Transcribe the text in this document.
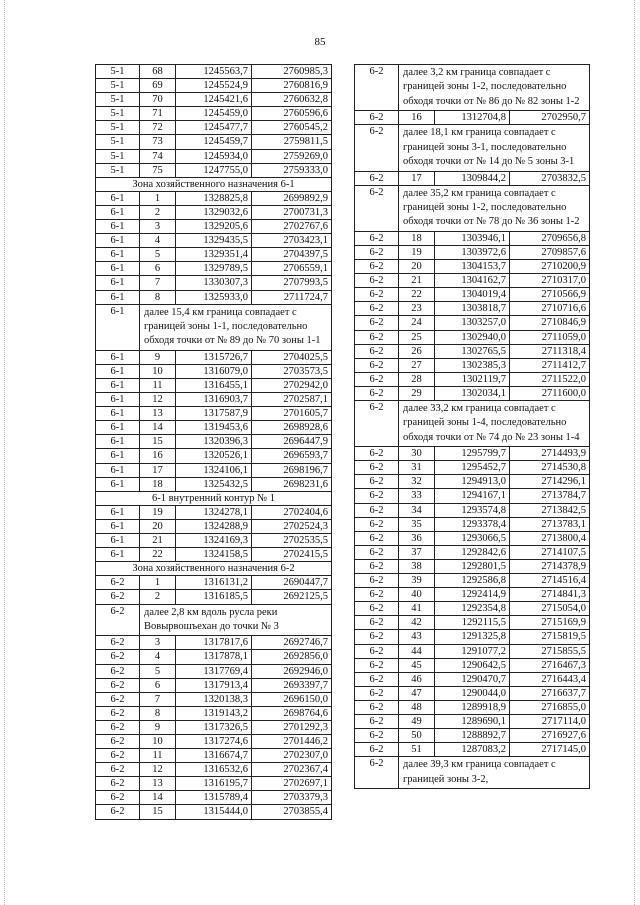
85
5-1	68	1245563,7	2760985,3
5-1	69	1245524,9	2760816,9
5-1	70	1245421,6	2760632,8
5-1	71	1245459,0	2760596,6
5-1	72	1245477,7	2760545,2
5-1	73	1245459,7	2759811,5
5-1	74	1245934,0	2759269,0
5-1	75	1247755,0	2759333,0
Зона хозяйственного назначения 6-1			
6-1	1	1328825,8	2699892,9
6-1	2	1329032,6	2700731,3
6-1	3	1329205,6	2702767,6
6-1	4	1329435,5	2703423,1
6-1	5	1329351,4	2704397,5
6-1	6	1329789,5	2706559,1
6-1	7	1330307,3	2707993,5
6-1	8	1325933,0	2711724,7
6-1	далее 15,4 км граница совпадает с границей зоны 1-1, последовательно обходя точки от № 89 до № 70 зоны 1-1		
6-1	9	1315726,7	2704025,5
6-1	10	1316079,0	2703573,5
6-1	11	1316455,1	2702942,0
6-1	12	1316903,7	2702587,1
6-1	13	1317587,9	2701605,7
6-1	14	1319453,6	2698928,6
6-1	15	1320396,3	2696447,9
6-1	16	1320526,1	2696593,7
6-1	17	1324106,1	2698196,7
6-1	18	1325432,5	2698231,6
6-1 внутренний контур № 1			
6-1	19	1324278,1	2702404,6
6-1	20	1324288,9	2702524,3
6-1	21	1324169,3	2702535,5
6-1	22	1324158,5	2702415,5
Зона хозяйственного назначения 6-2			
6-2	1	1316131,2	2690447,7
6-2	2	1316185,5	2692125,5
6-2	далее 2,8 км вдоль русла реки Вовырвошъехан до точки № 3		
6-2	3	1317817,6	2692746,7
6-2	4	1317878,1	2692856,0
6-2	5	1317769,4	2692946,0
6-2	6	1317913,4	2693397,7
6-2	7	1320138,3	2696150,0
6-2	8	1319143,2	2698764,6
6-2	9	1317326,5	2701292,3
6-2	10	1317274,6	2701446,2
6-2	11	1316674,7	2702307,0
6-2	12	1316532,6	2702367,4
6-2	13	1316195,7	2702697,1
6-2	14	1315789,4	2703379,3
6-2	15	1315444,0	2703855,4
6-2	далее 3,2 км граница совпадает с границей зоны 1-2, последовательно обходя точки от № 86 до № 82 зоны 1-2		
6-2	16	1312704,8	2702950,7
6-2	далее 18,1 км граница совпадает с границей зоны 3-1, последовательно обходя точки от № 14 до № 5 зоны 3-1		
6-2	17	1309844,2	2703832,5
6-2	далее 35,2 км граница совпадает с границей зоны 1-2, последовательно обходя точки от № 78 до № 36 зоны 1-2		
6-2	18	1303946,1	2709656,8
6-2	19	1303972,6	2709857,6
6-2	20	1304153,7	2710200,9
6-2	21	1304162,7	2710317,0
6-2	22	1304019,4	2710566,9
6-2	23	1303818,7	2710716,6
6-2	24	1303257,0	2710846,9
6-2	25	1302940,0	2711059,0
6-2	26	1302765,5	2711318,4
6-2	27	1302385,3	2711412,7
6-2	28	1302119,7	2711522,0
6-2	29	1302034,1	2711600,0
6-2	далее 33,2 км граница совпадает с границей зоны 1-4, последовательно обходя точки от № 74 до № 23 зоны 1-4		
6-2	30	1295799,7	2714493,9
6-2	31	1295452,7	2714530,8
6-2	32	1294913,0	2714296,1
6-2	33	1294167,1	2713784,7
6-2	34	1293574,8	2713842,5
6-2	35	1293378,4	2713783,1
6-2	36	1293066,5	2713800,4
6-2	37	1292842,6	2714107,5
6-2	38	1292801,5	2714378,9
6-2	39	1292586,8	2714516,4
6-2	40	1292414,9	2714841,3
6-2	41	1292354,8	2715054,0
6-2	42	1292115,5	2715169,9
6-2	43	1291325,8	2715819,5
6-2	44	1291077,2	2715855,5
6-2	45	1290642,5	2716467,3
6-2	46	1290470,7	2716443,4
6-2	47	1290044,0	2716637,7
6-2	48	1289918,9	2716855,0
6-2	49	1289690,1	2717114,0
6-2	50	1288892,7	2716927,6
6-2	51	1287083,2	2717145,0
6-2	далее 39,3 км граница совпадает с границей зоны 3-2,		
